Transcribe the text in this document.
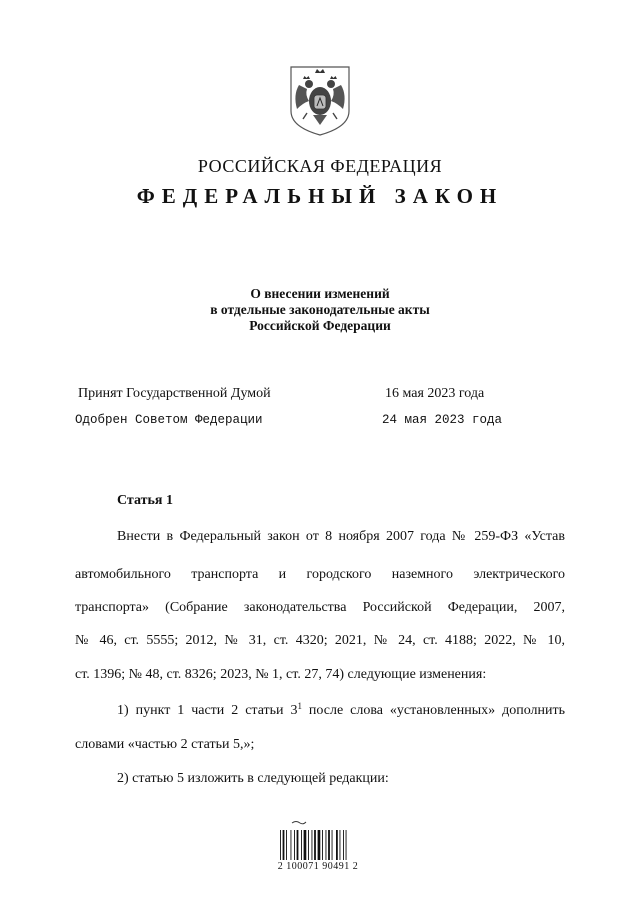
РОССИЙСКАЯ ФЕДЕРАЦИЯ
ФЕДЕРАЛЬНЫЙ ЗАКОН
О внесении изменений
в отдельные законодательные акты
Российской Федерации
Принят Государственной Думой	16 мая 2023 года
Одобрен Советом Федерации	24 мая 2023 года
Статья 1
Внести в Федеральный закон от 8 ноября 2007 года № 259-ФЗ «Устав
автомобильного транспорта и городского наземного электрического
транспорта» (Собрание законодательства Российской Федерации, 2007,
№ 46, ст. 5555; 2012, № 31, ст. 4320; 2021, № 24, ст. 4188; 2022, № 10,
ст. 1396; № 48, ст. 8326; 2023, № 1, ст. 27, 74) следующие изменения:
1) пункт 1 части 2 статьи $3^1$ после слова «установленных» дополнить
словами «частью 2 статьи 5,»;
2) статью 5 изложить в следующей редакции:
2 100071 90491 2
